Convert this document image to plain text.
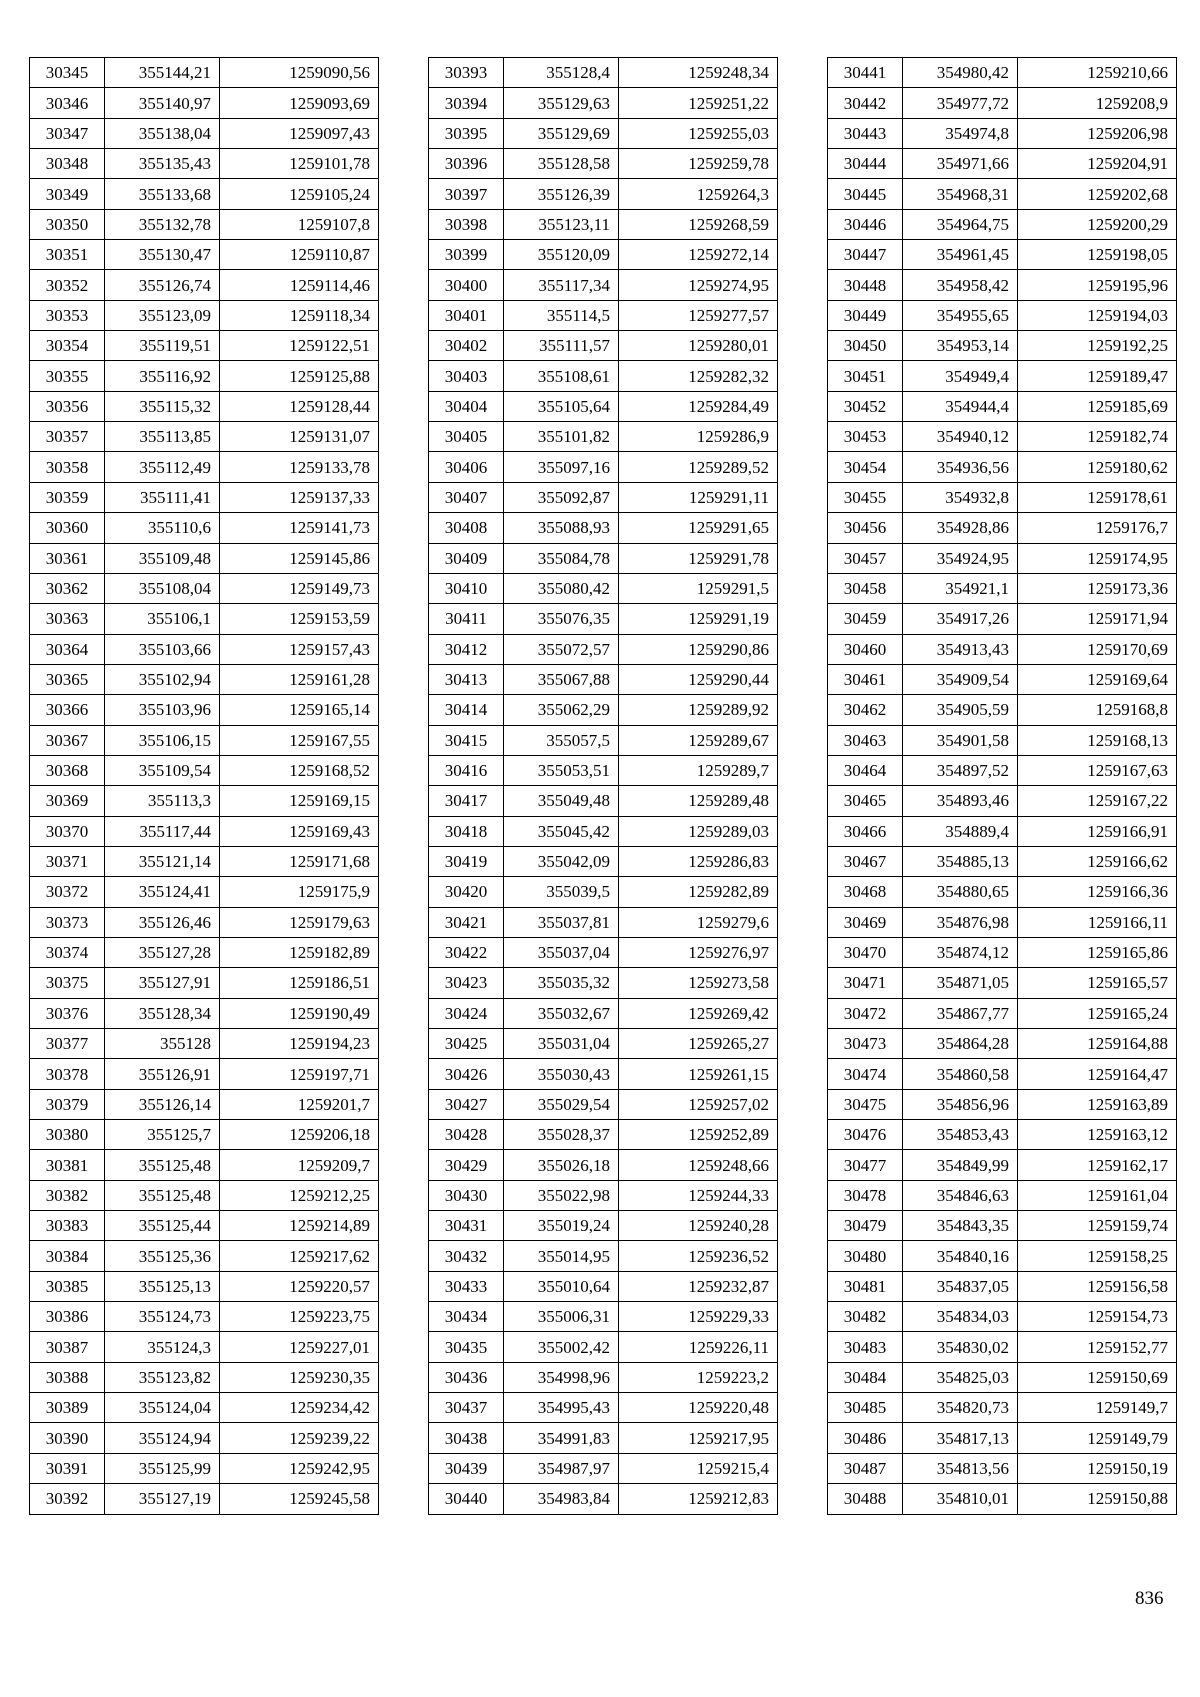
30345	355144,21	1259090,56
30346	355140,97	1259093,69
30347	355138,04	1259097,43
30348	355135,43	1259101,78
30349	355133,68	1259105,24
30350	355132,78	1259107,8
30351	355130,47	1259110,87
30352	355126,74	1259114,46
30353	355123,09	1259118,34
30354	355119,51	1259122,51
30355	355116,92	1259125,88
30356	355115,32	1259128,44
30357	355113,85	1259131,07
30358	355112,49	1259133,78
30359	355111,41	1259137,33
30360	355110,6	1259141,73
30361	355109,48	1259145,86
30362	355108,04	1259149,73
30363	355106,1	1259153,59
30364	355103,66	1259157,43
30365	355102,94	1259161,28
30366	355103,96	1259165,14
30367	355106,15	1259167,55
30368	355109,54	1259168,52
30369	355113,3	1259169,15
30370	355117,44	1259169,43
30371	355121,14	1259171,68
30372	355124,41	1259175,9
30373	355126,46	1259179,63
30374	355127,28	1259182,89
30375	355127,91	1259186,51
30376	355128,34	1259190,49
30377	355128	1259194,23
30378	355126,91	1259197,71
30379	355126,14	1259201,7
30380	355125,7	1259206,18
30381	355125,48	1259209,7
30382	355125,48	1259212,25
30383	355125,44	1259214,89
30384	355125,36	1259217,62
30385	355125,13	1259220,57
30386	355124,73	1259223,75
30387	355124,3	1259227,01
30388	355123,82	1259230,35
30389	355124,04	1259234,42
30390	355124,94	1259239,22
30391	355125,99	1259242,95
30392	355127,19	1259245,58
30393	355128,4	1259248,34
30394	355129,63	1259251,22
30395	355129,69	1259255,03
30396	355128,58	1259259,78
30397	355126,39	1259264,3
30398	355123,11	1259268,59
30399	355120,09	1259272,14
30400	355117,34	1259274,95
30401	355114,5	1259277,57
30402	355111,57	1259280,01
30403	355108,61	1259282,32
30404	355105,64	1259284,49
30405	355101,82	1259286,9
30406	355097,16	1259289,52
30407	355092,87	1259291,11
30408	355088,93	1259291,65
30409	355084,78	1259291,78
30410	355080,42	1259291,5
30411	355076,35	1259291,19
30412	355072,57	1259290,86
30413	355067,88	1259290,44
30414	355062,29	1259289,92
30415	355057,5	1259289,67
30416	355053,51	1259289,7
30417	355049,48	1259289,48
30418	355045,42	1259289,03
30419	355042,09	1259286,83
30420	355039,5	1259282,89
30421	355037,81	1259279,6
30422	355037,04	1259276,97
30423	355035,32	1259273,58
30424	355032,67	1259269,42
30425	355031,04	1259265,27
30426	355030,43	1259261,15
30427	355029,54	1259257,02
30428	355028,37	1259252,89
30429	355026,18	1259248,66
30430	355022,98	1259244,33
30431	355019,24	1259240,28
30432	355014,95	1259236,52
30433	355010,64	1259232,87
30434	355006,31	1259229,33
30435	355002,42	1259226,11
30436	354998,96	1259223,2
30437	354995,43	1259220,48
30438	354991,83	1259217,95
30439	354987,97	1259215,4
30440	354983,84	1259212,83
30441	354980,42	1259210,66
30442	354977,72	1259208,9
30443	354974,8	1259206,98
30444	354971,66	1259204,91
30445	354968,31	1259202,68
30446	354964,75	1259200,29
30447	354961,45	1259198,05
30448	354958,42	1259195,96
30449	354955,65	1259194,03
30450	354953,14	1259192,25
30451	354949,4	1259189,47
30452	354944,4	1259185,69
30453	354940,12	1259182,74
30454	354936,56	1259180,62
30455	354932,8	1259178,61
30456	354928,86	1259176,7
30457	354924,95	1259174,95
30458	354921,1	1259173,36
30459	354917,26	1259171,94
30460	354913,43	1259170,69
30461	354909,54	1259169,64
30462	354905,59	1259168,8
30463	354901,58	1259168,13
30464	354897,52	1259167,63
30465	354893,46	1259167,22
30466	354889,4	1259166,91
30467	354885,13	1259166,62
30468	354880,65	1259166,36
30469	354876,98	1259166,11
30470	354874,12	1259165,86
30471	354871,05	1259165,57
30472	354867,77	1259165,24
30473	354864,28	1259164,88
30474	354860,58	1259164,47
30475	354856,96	1259163,89
30476	354853,43	1259163,12
30477	354849,99	1259162,17
30478	354846,63	1259161,04
30479	354843,35	1259159,74
30480	354840,16	1259158,25
30481	354837,05	1259156,58
30482	354834,03	1259154,73
30483	354830,02	1259152,77
30484	354825,03	1259150,69
30485	354820,73	1259149,7
30486	354817,13	1259149,79
30487	354813,56	1259150,19
30488	354810,01	1259150,88
836
